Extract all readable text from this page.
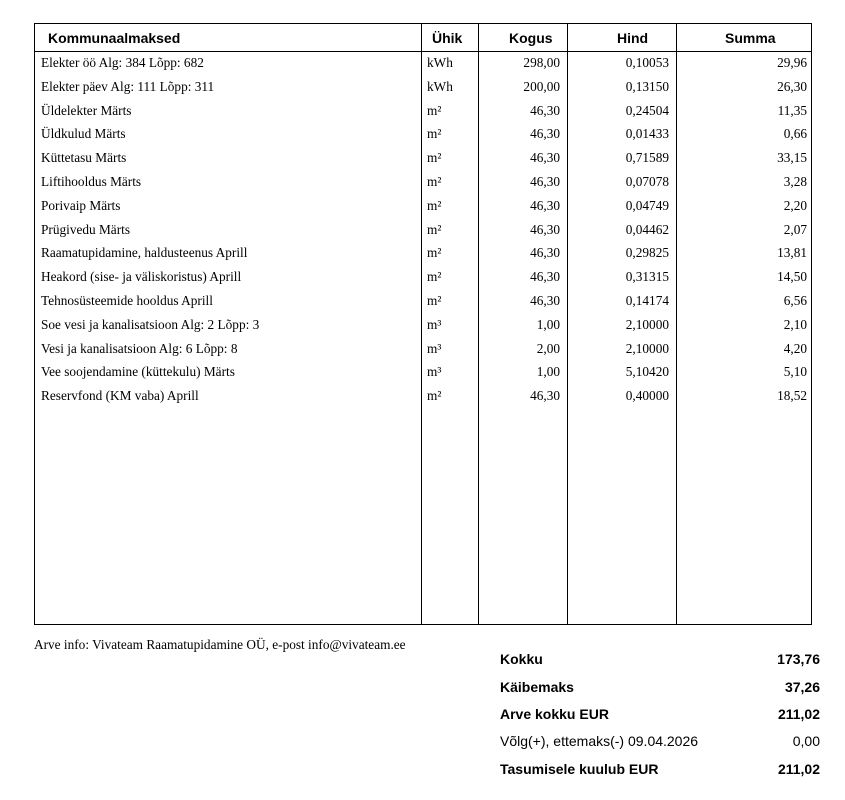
Kommunaalmaksed	Ühik	Kogus	Hind	Summa
Elekter öö Alg: 384 Lõpp: 682	kWh	298,00	0,10053	29,96
Elekter päev Alg: 111 Lõpp: 311	kWh	200,00	0,13150	26,30
Üldelekter Märts	m²	46,30	0,24504	11,35
Üldkulud Märts	m²	46,30	0,01433	0,66
Küttetasu Märts	m²	46,30	0,71589	33,15
Liftihooldus Märts	m²	46,30	0,07078	3,28
Porivaip Märts	m²	46,30	0,04749	2,20
Prügivedu Märts	m²	46,30	0,04462	2,07
Raamatupidamine, haldusteenus Aprill	m²	46,30	0,29825	13,81
Heakord (sise- ja väliskoristus) Aprill	m²	46,30	0,31315	14,50
Tehnosüsteemide hooldus Aprill	m²	46,30	0,14174	6,56
Soe vesi ja kanalisatsioon Alg: 2 Lõpp: 3	m³	1,00	2,10000	2,10
Vesi ja kanalisatsioon Alg: 6 Lõpp: 8	m³	2,00	2,10000	4,20
Vee soojendamine (küttekulu) Märts	m³	1,00	5,10420	5,10
Reservfond (KM vaba) Aprill	m²	46,30	0,40000	18,52
Arve info: Vivateam Raamatupidamine OÜ, e-post info@vivateam.ee
Kokku	173,76
Käibemaks	37,26
Arve kokku EUR	211,02
Võlg(+), ettemaks(-) 09.04.2026	0,00
Tasumisele kuulub EUR	211,02
